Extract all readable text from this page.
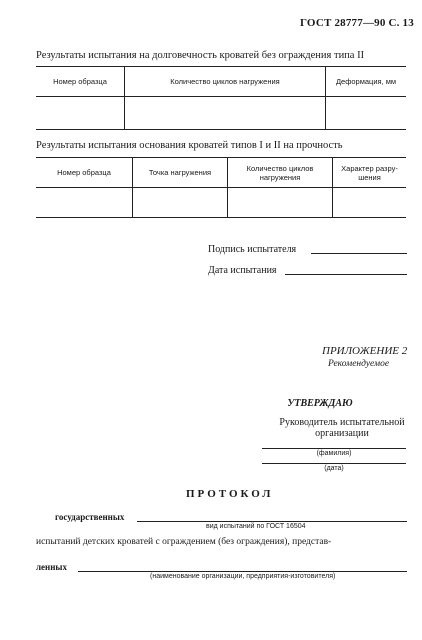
ГОСТ 28777—90 С. 13
Результаты испытания на долговечность кроватей без ограждения типа II
Номер образца	Количество циклов нагружения	Деформация, мм

Результаты испытания основания кроватей типов I и II на прочность
Номер образца	Точка нагружения	Количество циклов нагружения	Характер разру-шения

Подпись испытателя
Дата испытания
ПРИЛОЖЕНИЕ 2
Рекомендуемое
УТВЕРЖДАЮ
Руководитель испытательной
организации
(фамилия)
(дата)
ПРОТОКОЛ
государственных
вид испытаний по ГОСТ 16504
испытаний детских кроватей с ограждением (без ограждения), представ-
ленных
(наименование организации, предприятия-изготовителя)
